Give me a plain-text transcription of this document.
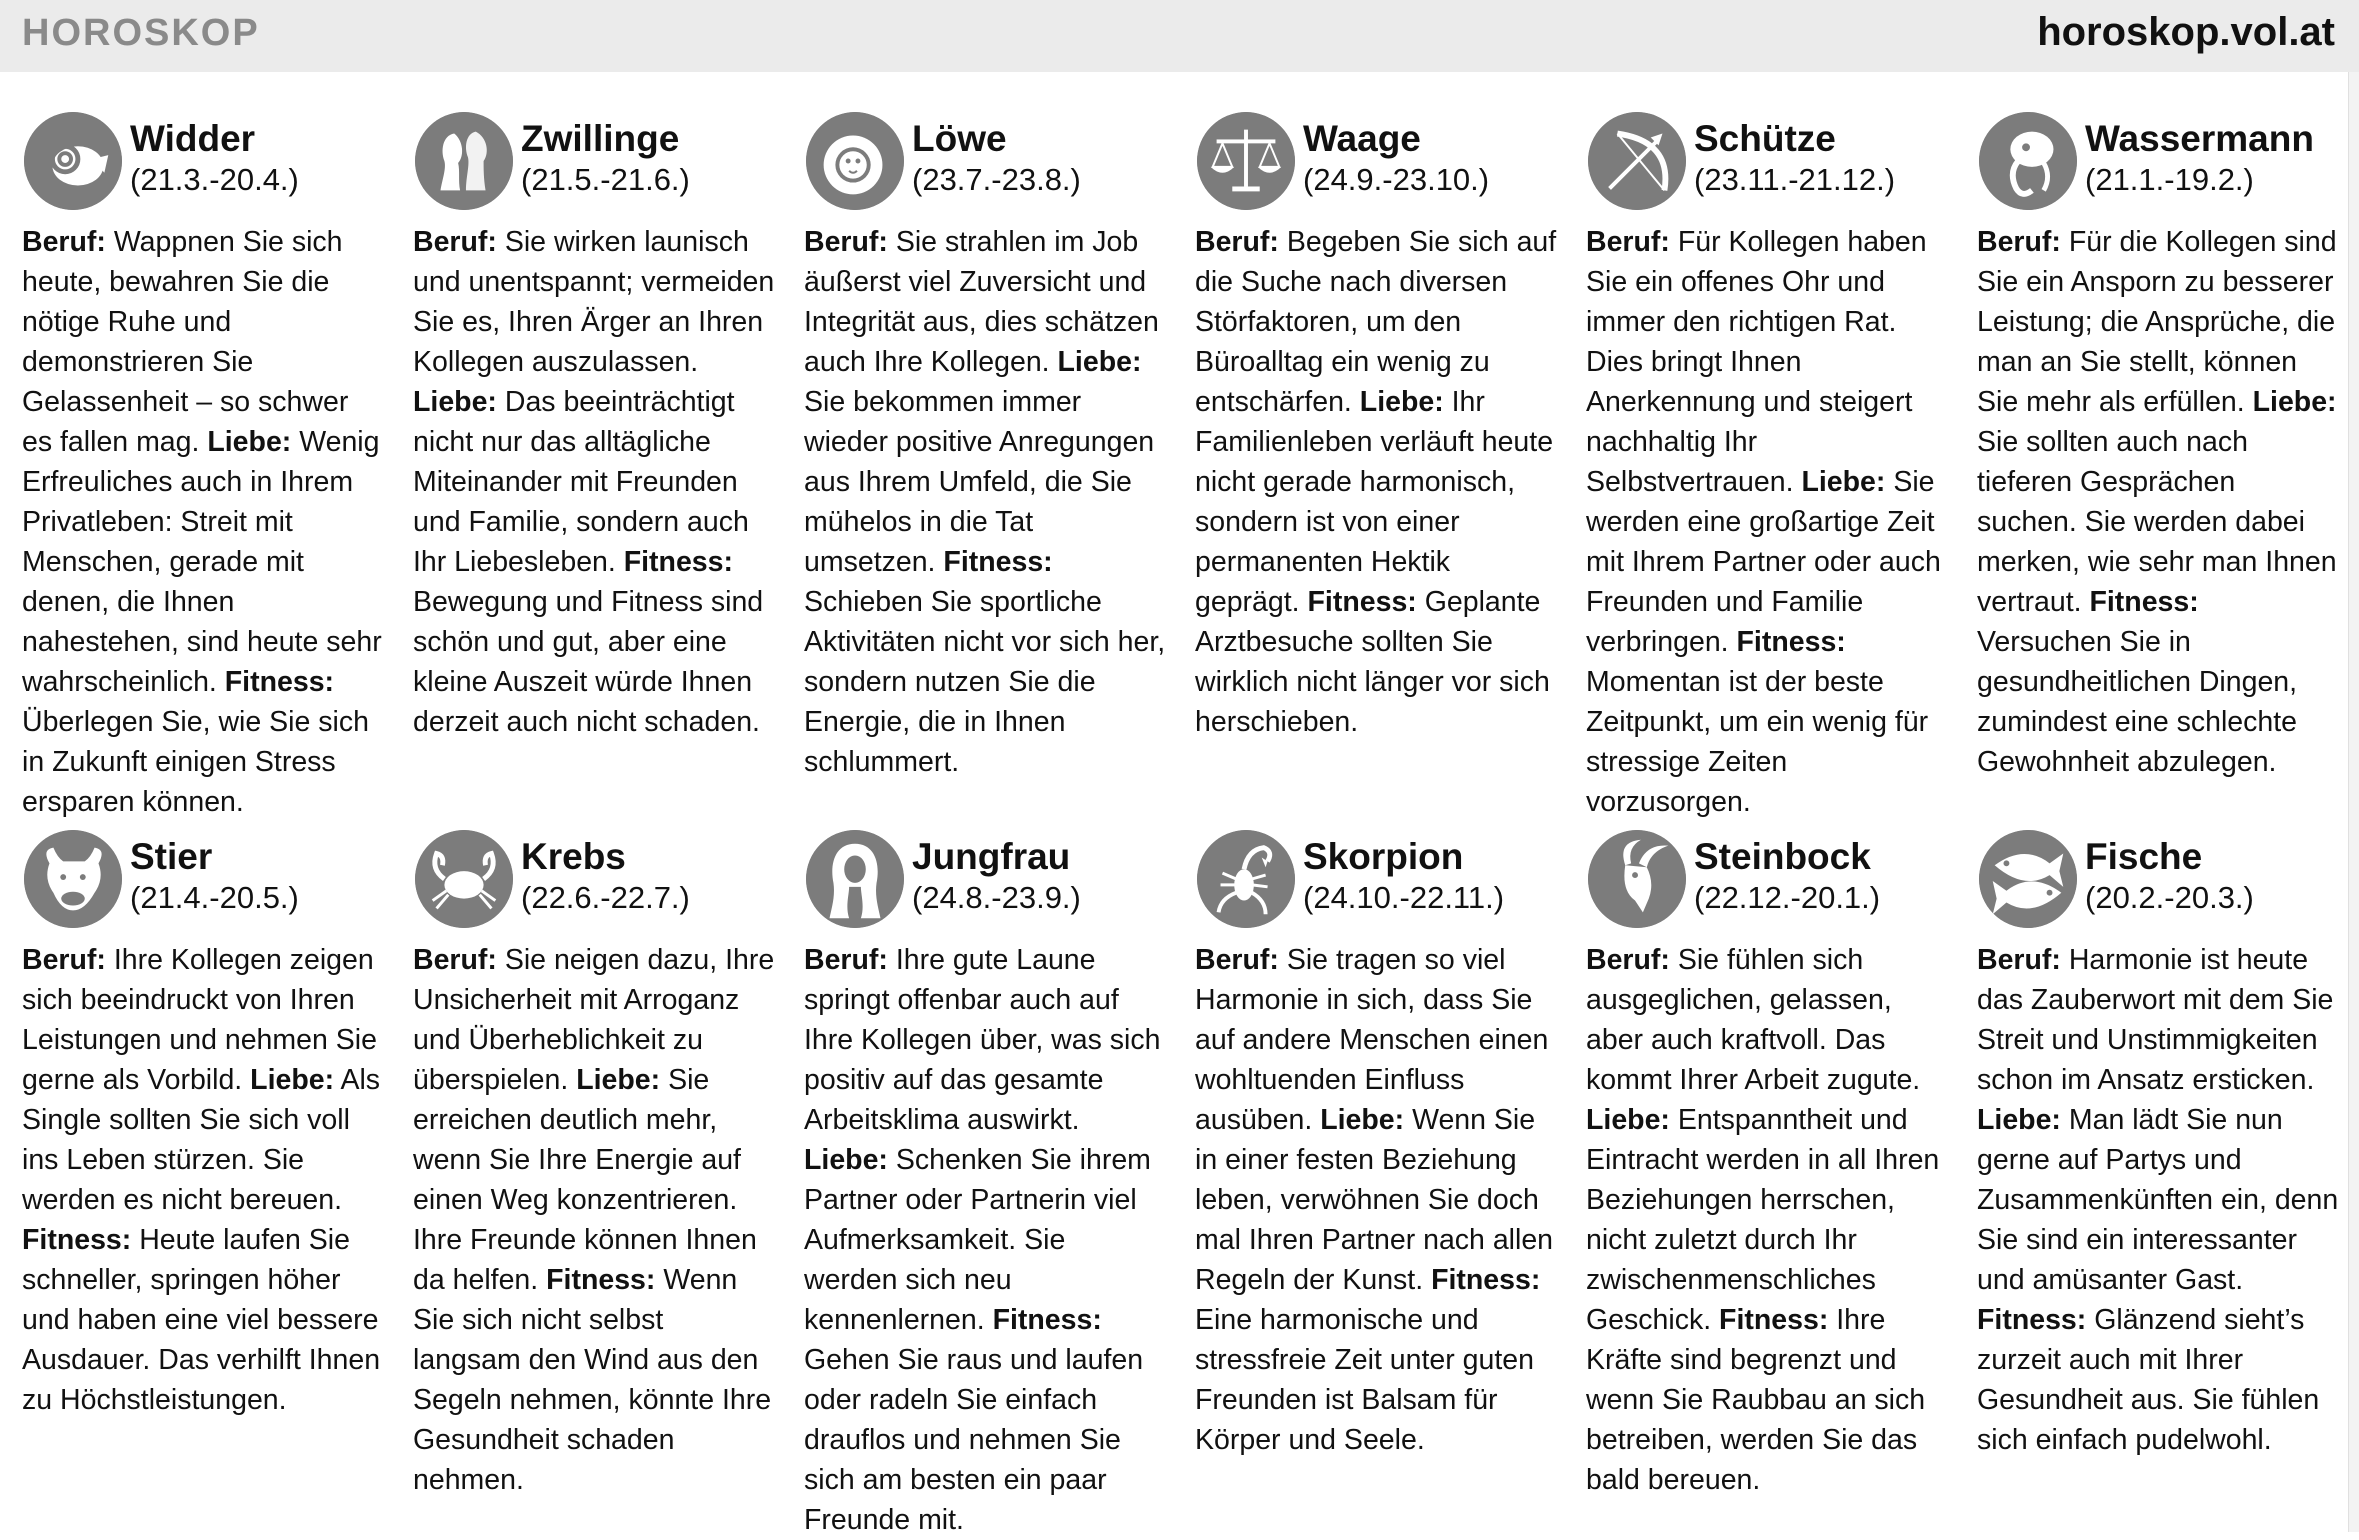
HOROSKOP	horoskop.vol.at
Widder
(21.3.-20.4.)
Beruf: Wappnen Sie sich heute, bewahren Sie die nötige Ruhe und demonstrieren Sie Gelassenheit – so schwer es fallen mag. Liebe: Wenig Erfreuliches auch in Ihrem Privatleben: Streit mit Menschen, gerade mit denen, die Ihnen nahestehen, sind heute sehr wahrscheinlich. Fitness: Überlegen Sie, wie Sie sich in Zukunft einigen Stress ersparen können.
Zwillinge
(21.5.-21.6.)
Beruf: Sie wirken launisch und unentspannt; vermeiden Sie es, Ihren Ärger an Ihren Kollegen auszulassen. Liebe: Das beeinträchtigt nicht nur das alltägliche Miteinander mit Freunden und Familie, sondern auch Ihr Liebesleben. Fitness: Bewegung und Fitness sind schön und gut, aber eine kleine Auszeit würde Ihnen derzeit auch nicht schaden.
Löwe
(23.7.-23.8.)
Beruf: Sie strahlen im Job äußerst viel Zuversicht und Integrität aus, dies schätzen auch Ihre Kollegen. Liebe: Sie bekommen immer wieder positive Anregungen aus Ihrem Umfeld, die Sie mühelos in die Tat umsetzen. Fitness: Schieben Sie sportliche Aktivitäten nicht vor sich her, sondern nutzen Sie die Energie, die in Ihnen schlummert.
Waage
(24.9.-23.10.)
Beruf: Begeben Sie sich auf die Suche nach diversen Störfaktoren, um den Büroalltag ein wenig zu entschärfen. Liebe: Ihr Familienleben verläuft heute nicht gerade harmonisch, sondern ist von einer permanenten Hektik geprägt. Fitness: Geplante Arztbesuche sollten Sie wirklich nicht länger vor sich herschieben.
Schütze
(23.11.-21.12.)
Beruf: Für Kollegen haben Sie ein offenes Ohr und immer den richtigen Rat. Dies bringt Ihnen Anerkennung und steigert nachhaltig Ihr Selbstvertrauen. Liebe: Sie werden eine großartige Zeit mit Ihrem Partner oder auch Freunden und Familie verbringen. Fitness: Momentan ist der beste Zeitpunkt, um ein wenig für stressige Zeiten vorzusorgen.
Wassermann
(21.1.-19.2.)
Beruf: Für die Kollegen sind Sie ein Ansporn zu besserer Leistung; die Ansprüche, die man an Sie stellt, können Sie mehr als erfüllen. Liebe: Sie sollten auch nach tieferen Gesprächen suchen. Sie werden dabei merken, wie sehr man Ihnen vertraut. Fitness: Versuchen Sie in gesundheitlichen Dingen, zumindest eine schlechte Gewohnheit abzulegen.
Stier
(21.4.-20.5.)
Beruf: Ihre Kollegen zeigen sich beeindruckt von Ihren Leistungen und nehmen Sie gerne als Vorbild. Liebe: Als Single sollten Sie sich voll ins Leben stürzen. Sie werden es nicht bereuen. Fitness: Heute laufen Sie schneller, springen höher und haben eine viel bessere Ausdauer. Das verhilft Ihnen zu Höchstleistungen.
Krebs
(22.6.-22.7.)
Beruf: Sie neigen dazu, Ihre Unsicherheit mit Arroganz und Überheblichkeit zu überspielen. Liebe: Sie erreichen deutlich mehr, wenn Sie Ihre Energie auf einen Weg konzentrieren. Ihre Freunde können Ihnen da helfen. Fitness: Wenn Sie sich nicht selbst langsam den Wind aus den Segeln nehmen, könnte Ihre Gesundheit schaden nehmen.
Jungfrau
(24.8.-23.9.)
Beruf: Ihre gute Laune springt offenbar auch auf Ihre Kollegen über, was sich positiv auf das gesamte Arbeitsklima auswirkt. Liebe: Schenken Sie ihrem Partner oder Partnerin viel Aufmerksamkeit. Sie werden sich neu kennenlernen. Fitness: Gehen Sie raus und laufen oder radeln Sie einfach drauflos und nehmen Sie sich am besten ein paar Freunde mit.
Skorpion
(24.10.-22.11.)
Beruf: Sie tragen so viel Harmonie in sich, dass Sie auf andere Menschen einen wohltuenden Einfluss ausüben. Liebe: Wenn Sie in einer festen Beziehung leben, verwöhnen Sie doch mal Ihren Partner nach allen Regeln der Kunst. Fitness: Eine harmonische und stressfreie Zeit unter guten Freunden ist Balsam für Körper und Seele.
Steinbock
(22.12.-20.1.)
Beruf: Sie fühlen sich ausgeglichen, gelassen, aber auch kraftvoll. Das kommt Ihrer Arbeit zugute. Liebe: Entspanntheit und Eintracht werden in all Ihren Beziehungen herrschen, nicht zuletzt durch Ihr zwischenmenschliches Geschick. Fitness: Ihre Kräfte sind begrenzt und wenn Sie Raubbau an sich betreiben, werden Sie das bald bereuen.
Fische
(20.2.-20.3.)
Beruf: Harmonie ist heute das Zauberwort mit dem Sie Streit und Unstimmigkeiten schon im Ansatz ersticken. Liebe: Man lädt Sie nun gerne auf Partys und Zusammenkünften ein, denn Sie sind ein interessanter und amüsanter Gast. Fitness: Glänzend sieht’s zurzeit auch mit Ihrer Gesundheit aus. Sie fühlen sich einfach pudelwohl.
